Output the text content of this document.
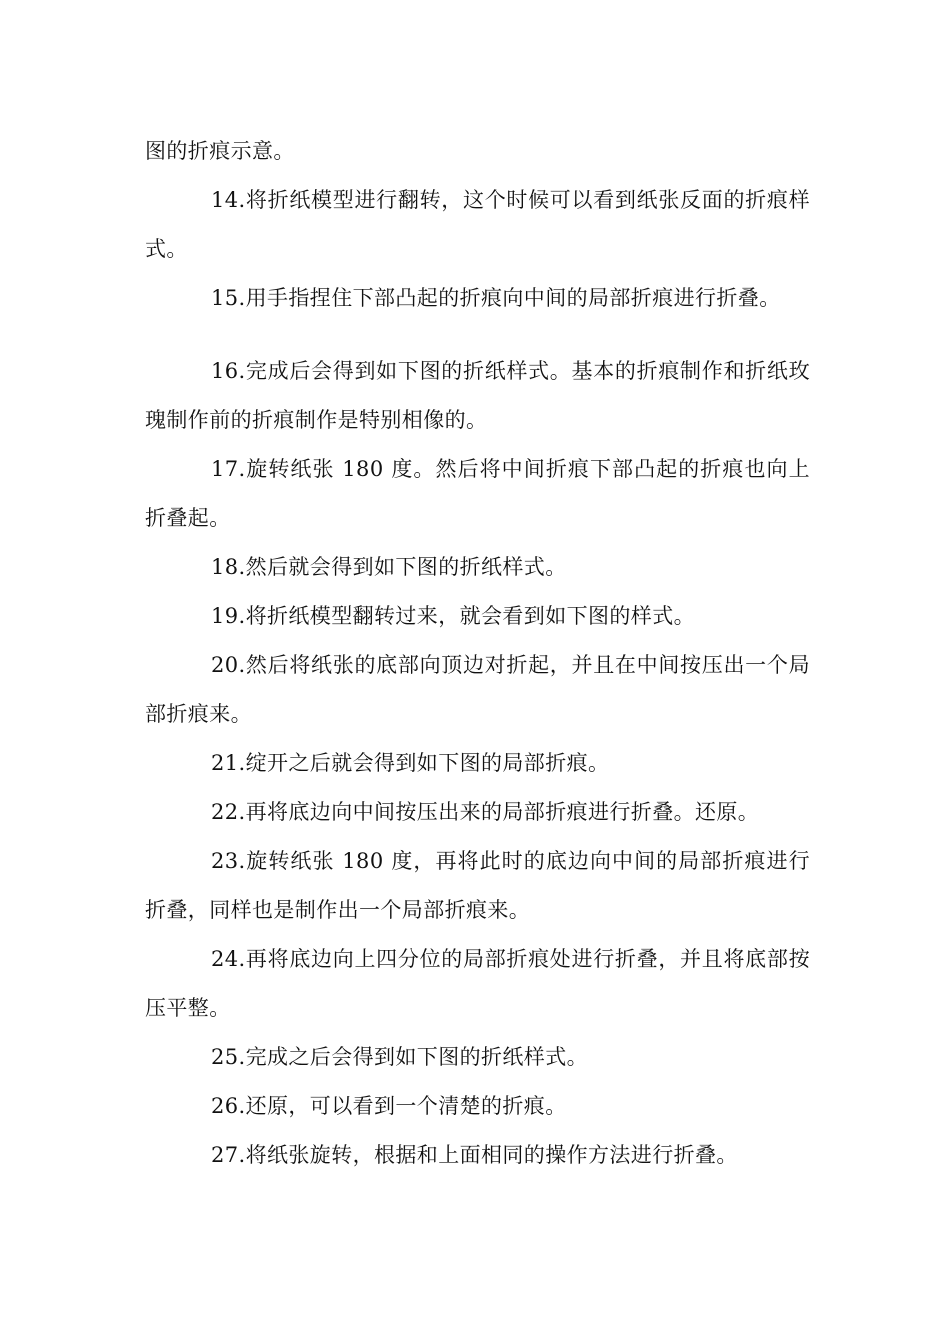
图的折痕示意。

14.将折纸模型进行翻转，这个时候可以看到纸张反面的折痕样式。

15.用手指捏住下部凸起的折痕向中间的局部折痕进行折叠。

16.完成后会得到如下图的折纸样式。基本的折痕制作和折纸玫瑰制作前的折痕制作是特别相像的。

17.旋转纸张 180 度。然后将中间折痕下部凸起的折痕也向上折叠起。

18.然后就会得到如下图的折纸样式。

19.将折纸模型翻转过来，就会看到如下图的样式。

20.然后将纸张的底部向顶边对折起，并且在中间按压出一个局部折痕来。

21.绽开之后就会得到如下图的局部折痕。

22.再将底边向中间按压出来的局部折痕进行折叠。还原。

23.旋转纸张 180 度，再将此时的底边向中间的局部折痕进行折叠，同样也是制作出一个局部折痕来。

24.再将底边向上四分位的局部折痕处进行折叠，并且将底部按压平整。

25.完成之后会得到如下图的折纸样式。

26.还原，可以看到一个清楚的折痕。

27.将纸张旋转，根据和上面相同的操作方法进行折叠。
